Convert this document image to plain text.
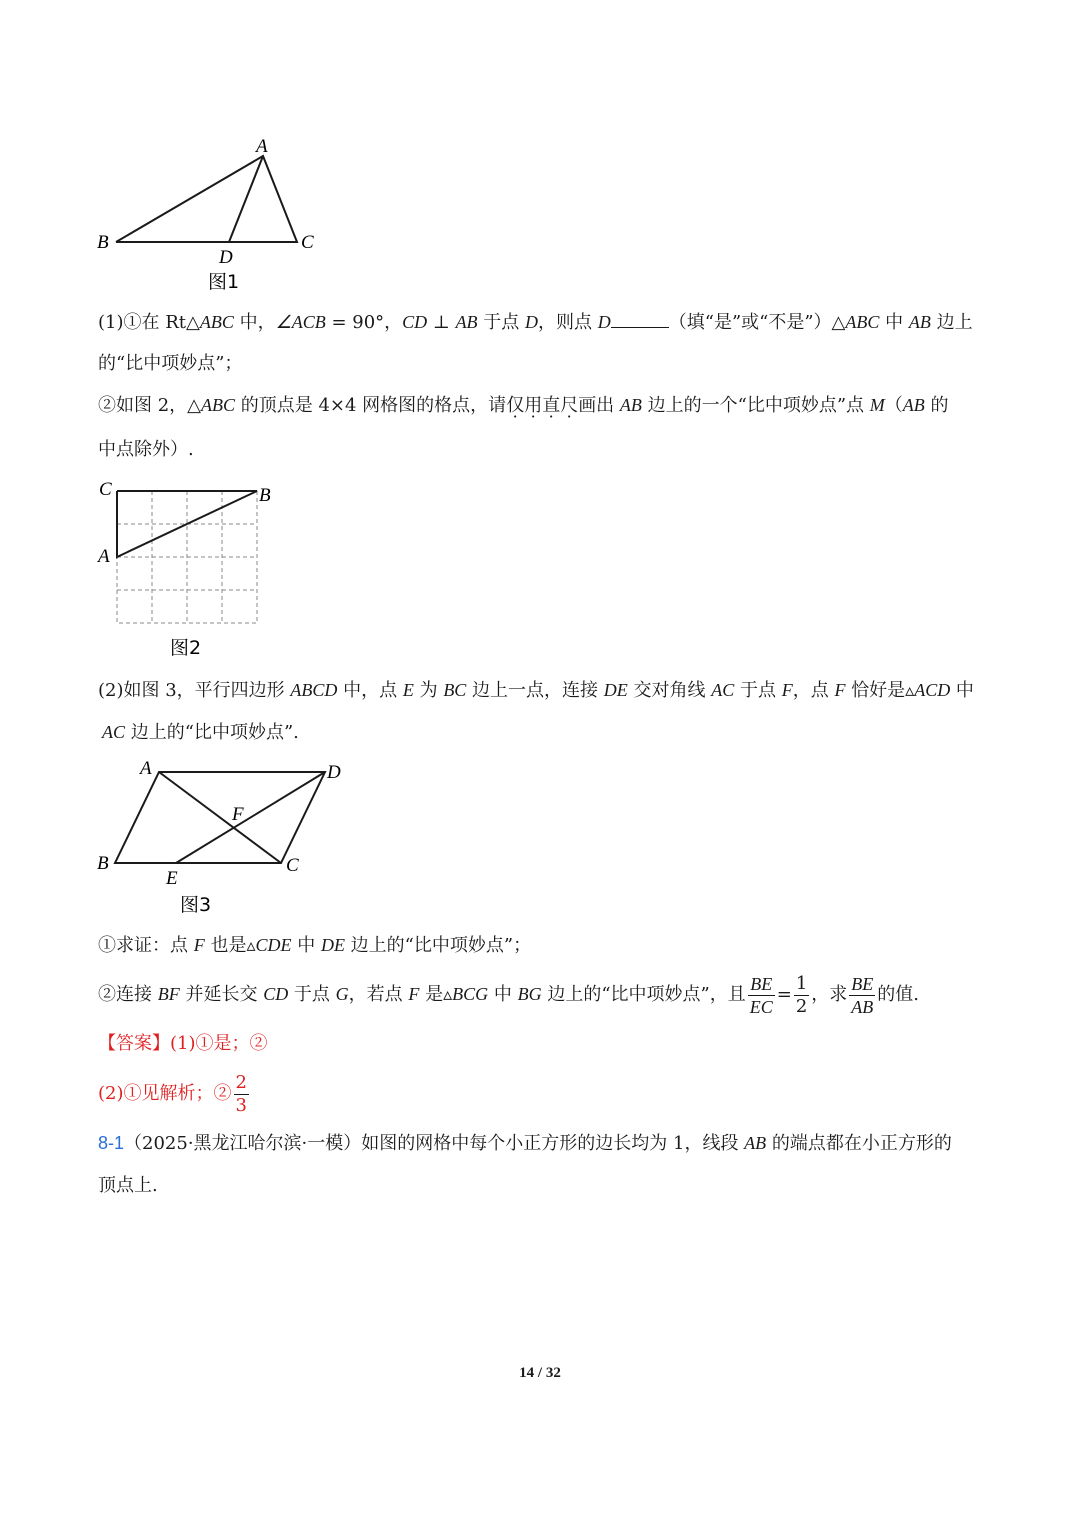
A
B	C
D
图1
(1)①在 Rt△ABC 中，∠ACB = 90°，CD ⊥ AB 于点 D，则点 D	（填“是”或“不是”）△ABC 中 AB 边上
的“比中项妙点”；
②如图 2，△ABC 的顶点是 4×4 网格图的格点，请仅用直尺画出 AB 边上的一个“比中项妙点”点 M（AB 的
中点除外）.
C	B
A
图2
(2)如图 3，平行四边形 ABCD 中，点 E 为 BC 边上一点，连接 DE 交对角线 AC 于点 F，点 F 恰好是▵ACD 中
AC 边上的“比中项妙点”.
A	D
F
B	C
E
图3
①求证：点 F 也是▵CDE 中 DE 边上的“比中项妙点”；
②连接 BF 并延长交 CD 于点 G，若点 F 是▵BCG 中 BG 边上的“比中项妙点”，且 $\frac{BE}{EC} = \frac{1}{2}$ ，求 $\frac{BE}{AB}$ 的值.
【答案】(1)①是；②
(2)①见解析；② $\frac{2}{3}$
8-1（2025·黑龙江哈尔滨·一模）如图的网格中每个小正方形的边长均为 1，线段 AB 的端点都在小正方形的
顶点上.
14 / 32
